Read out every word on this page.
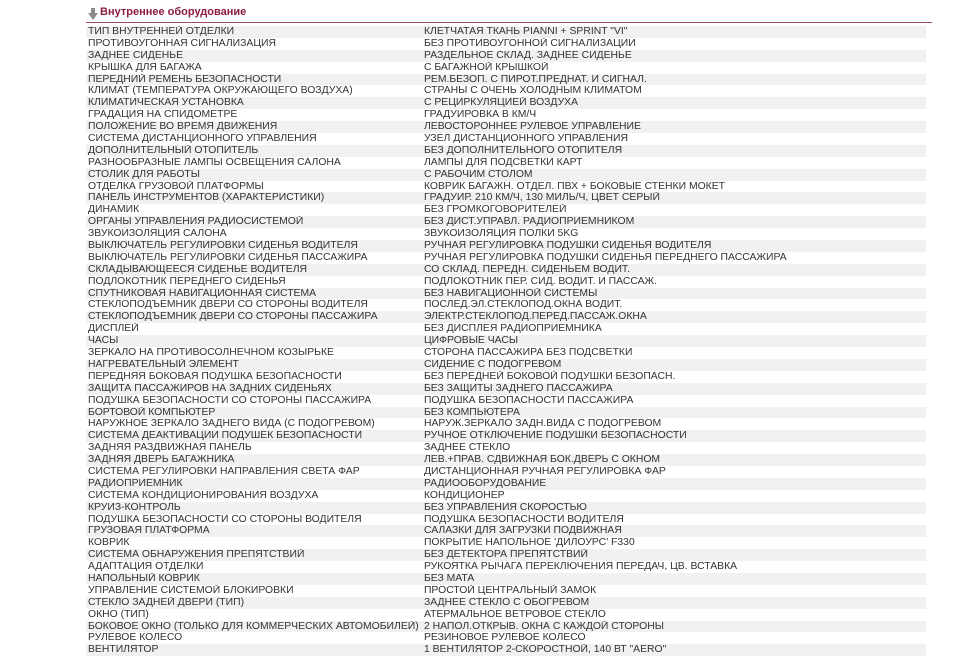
Внутреннее оборудование
ТИП ВНУТРЕННЕЙ ОТДЕЛКИ	КЛЕТЧАТАЯ ТКАНЬ PIANNI + SPRINT "VI"
ПРОТИВОУГОННАЯ СИГНАЛИЗАЦИЯ	БЕЗ ПРОТИВОУГОННОЙ СИГНАЛИЗАЦИИ
ЗАДНЕЕ СИДЕНЬЕ	РАЗДЕЛЬНОЕ СКЛАД. ЗАДНЕЕ СИДЕНЬЕ
КРЫШКА ДЛЯ БАГАЖА	С БАГАЖНОЙ КРЫШКОЙ
ПЕРЕДНИЙ РЕМЕНЬ БЕЗОПАСНОСТИ	РЕМ.БЕЗОП. С ПИРОТ.ПРЕДНАТ. И СИГНАЛ.
КЛИМАТ (ТЕМПЕРАТУРА ОКРУЖАЮЩЕГО ВОЗДУХА)	СТРАНЫ С ОЧЕНЬ ХОЛОДНЫМ КЛИМАТОМ
КЛИМАТИЧЕСКАЯ УСТАНОВКА	С РЕЦИРКУЛЯЦИЕЙ ВОЗДУХА
ГРАДАЦИЯ НА СПИДОМЕТРЕ	ГРАДУИРОВКА В КМ/Ч
ПОЛОЖЕНИЕ ВО ВРЕМЯ ДВИЖЕНИЯ	ЛЕВОСТОРОННЕЕ РУЛЕВОЕ УПРАВЛЕНИЕ
СИСТЕМА ДИСТАНЦИОННОГО УПРАВЛЕНИЯ	УЗЕЛ ДИСТАНЦИОННОГО УПРАВЛЕНИЯ
ДОПОЛНИТЕЛЬНЫЙ ОТОПИТЕЛЬ	БЕЗ ДОПОЛНИТЕЛЬНОГО ОТОПИТЕЛЯ
РАЗНООБРАЗНЫЕ ЛАМПЫ ОСВЕЩЕНИЯ САЛОНА	ЛАМПЫ ДЛЯ ПОДСВЕТКИ КАРТ
СТОЛИК ДЛЯ РАБОТЫ	С РАБОЧИМ СТОЛОМ
ОТДЕЛКА ГРУЗОВОЙ ПЛАТФОРМЫ	КОВРИК БАГАЖН. ОТДЕЛ. ПВХ + БОКОВЫЕ СТЕНКИ МОКЕТ
ПАНЕЛЬ ИНСТРУМЕНТОВ (ХАРАКТЕРИСТИКИ)	ГРАДУИР. 210 КМ/Ч, 130 МИЛЬ/Ч, ЦВЕТ СЕРЫЙ
ДИНАМИК	БЕЗ ГРОМКОГОВОРИТЕЛЕЙ
ОРГАНЫ УПРАВЛЕНИЯ РАДИОСИСТЕМОЙ	БЕЗ ДИСТ.УПРАВЛ. РАДИОПРИЕМНИКОМ
ЗВУКОИЗОЛЯЦИЯ САЛОНА	ЗВУКОИЗОЛЯЦИЯ ПОЛКИ 5KG
ВЫКЛЮЧАТЕЛЬ РЕГУЛИРОВКИ СИДЕНЬЯ ВОДИТЕЛЯ	РУЧНАЯ РЕГУЛИРОВКА ПОДУШКИ СИДЕНЬЯ ВОДИТЕЛЯ
ВЫКЛЮЧАТЕЛЬ РЕГУЛИРОВКИ СИДЕНЬЯ ПАССАЖИРА	РУЧНАЯ РЕГУЛИРОВКА ПОДУШКИ СИДЕНЬЯ ПЕРЕДНЕГО ПАССАЖИРА
СКЛАДЫВАЮЩЕЕСЯ СИДЕНЬЕ ВОДИТЕЛЯ	СО СКЛАД. ПЕРЕДН. СИДЕНЬЕМ ВОДИТ.
ПОДЛОКОТНИК ПЕРЕДНЕГО СИДЕНЬЯ	ПОДЛОКОТНИК ПЕР. СИД. ВОДИТ. И ПАССАЖ.
СПУТНИКОВАЯ НАВИГАЦИОННАЯ СИСТЕМА	БЕЗ НАВИГАЦИОННОЙ СИСТЕМЫ
СТЕКЛОПОДЪЕМНИК ДВЕРИ СО СТОРОНЫ ВОДИТЕЛЯ	ПОСЛЕД.ЭЛ.СТЕКЛОПОД.ОКНА ВОДИТ.
СТЕКЛОПОДЪЕМНИК ДВЕРИ СО СТОРОНЫ ПАССАЖИРА	ЭЛЕКТР.СТЕКЛОПОД.ПЕРЕД.ПАССАЖ.ОКНА
ДИСПЛЕЙ	БЕЗ ДИСПЛЕЯ РАДИОПРИЕМНИКА
ЧАСЫ	ЦИФРОВЫЕ ЧАСЫ
ЗЕРКАЛО НА ПРОТИВОСОЛНЕЧНОМ КОЗЫРЬКЕ	СТОРОНА ПАССАЖИРА БЕЗ ПОДСВЕТКИ
НАГРЕВАТЕЛЬНЫЙ ЭЛЕМЕНТ	СИДЕНИЕ С ПОДОГРЕВОМ
ПЕРЕДНЯЯ БОКОВАЯ ПОДУШКА БЕЗОПАСНОСТИ	БЕЗ ПЕРЕДНЕЙ БОКОВОЙ ПОДУШКИ БЕЗОПАСН.
ЗАЩИТА ПАССАЖИРОВ НА ЗАДНИХ СИДЕНЬЯХ	БЕЗ ЗАЩИТЫ ЗАДНЕГО ПАССАЖИРА
ПОДУШКА БЕЗОПАСНОСТИ СО СТОРОНЫ ПАССАЖИРА	ПОДУШКА БЕЗОПАСНОСТИ ПАССАЖИРА
БОРТОВОЙ КОМПЬЮТЕР	БЕЗ КОМПЬЮТЕРА
НАРУЖНОЕ ЗЕРКАЛО ЗАДНЕГО ВИДА (С ПОДОГРЕВОМ)	НАРУЖ.ЗЕРКАЛО ЗАДН.ВИДА С ПОДОГРЕВОМ
СИСТЕМА ДЕАКТИВАЦИИ ПОДУШЕК БЕЗОПАСНОСТИ	РУЧНОЕ ОТКЛЮЧЕНИЕ ПОДУШКИ БЕЗОПАСНОСТИ
ЗАДНЯЯ РАЗДВИЖНАЯ ПАНЕЛЬ	ЗАДНЕЕ СТЕКЛО
ЗАДНЯЯ ДВЕРЬ БАГАЖНИКА	ЛЕВ.+ПРАВ. СДВИЖНАЯ БОК.ДВЕРЬ С ОКНОМ
СИСТЕМА РЕГУЛИРОВКИ НАПРАВЛЕНИЯ СВЕТА ФАР	ДИСТАНЦИОННАЯ РУЧНАЯ РЕГУЛИРОВКА ФАР
РАДИОПРИЕМНИК	РАДИООБОРУДОВАНИЕ
СИСТЕМА КОНДИЦИОНИРОВАНИЯ ВОЗДУХА	КОНДИЦИОНЕР
КРУИЗ-КОНТРОЛЬ	БЕЗ УПРАВЛЕНИЯ СКОРОСТЬЮ
ПОДУШКА БЕЗОПАСНОСТИ СО СТОРОНЫ ВОДИТЕЛЯ	ПОДУШКА БЕЗОПАСНОСТИ ВОДИТЕЛЯ
ГРУЗОВАЯ ПЛАТФОРМА	САЛАЗКИ ДЛЯ ЗАГРУЗКИ ПОДВИЖНАЯ
КОВРИК	ПОКРЫТИЕ НАПОЛЬНОЕ 'ДИЛОУРС' F330
СИСТЕМА ОБНАРУЖЕНИЯ ПРЕПЯТСТВИЙ	БЕЗ ДЕТЕКТОРА ПРЕПЯТСТВИЙ
АДАПТАЦИЯ ОТДЕЛКИ	РУКОЯТКА РЫЧАГА ПЕРЕКЛЮЧЕНИЯ ПЕРЕДАЧ, ЦВ. ВСТАВКА
НАПОЛЬНЫЙ КОВРИК	БЕЗ МАТА
УПРАВЛЕНИЕ СИСТЕМОЙ БЛОКИРОВКИ	ПРОСТОЙ ЦЕНТРАЛЬНЫЙ ЗАМОК
СТЕКЛО ЗАДНЕЙ ДВЕРИ (ТИП)	ЗАДНЕЕ СТЕКЛО С ОБОГРЕВОМ
ОКНО (ТИП)	АТЕРМАЛЬНОЕ ВЕТРОВОЕ СТЕКЛО
БОКОВОЕ ОКНО (ТОЛЬКО ДЛЯ КОММЕРЧЕСКИХ АВТОМОБИЛЕЙ)	2 НАПОЛ.ОТКРЫВ. ОКНА С КАЖДОЙ СТОРОНЫ
РУЛЕВОЕ КОЛЕСО	РЕЗИНОВОЕ РУЛЕВОЕ КОЛЕСО
ВЕНТИЛЯТОР	1 ВЕНТИЛЯТОР 2-СКОРОСТНОЙ, 140 ВТ "AERO"
